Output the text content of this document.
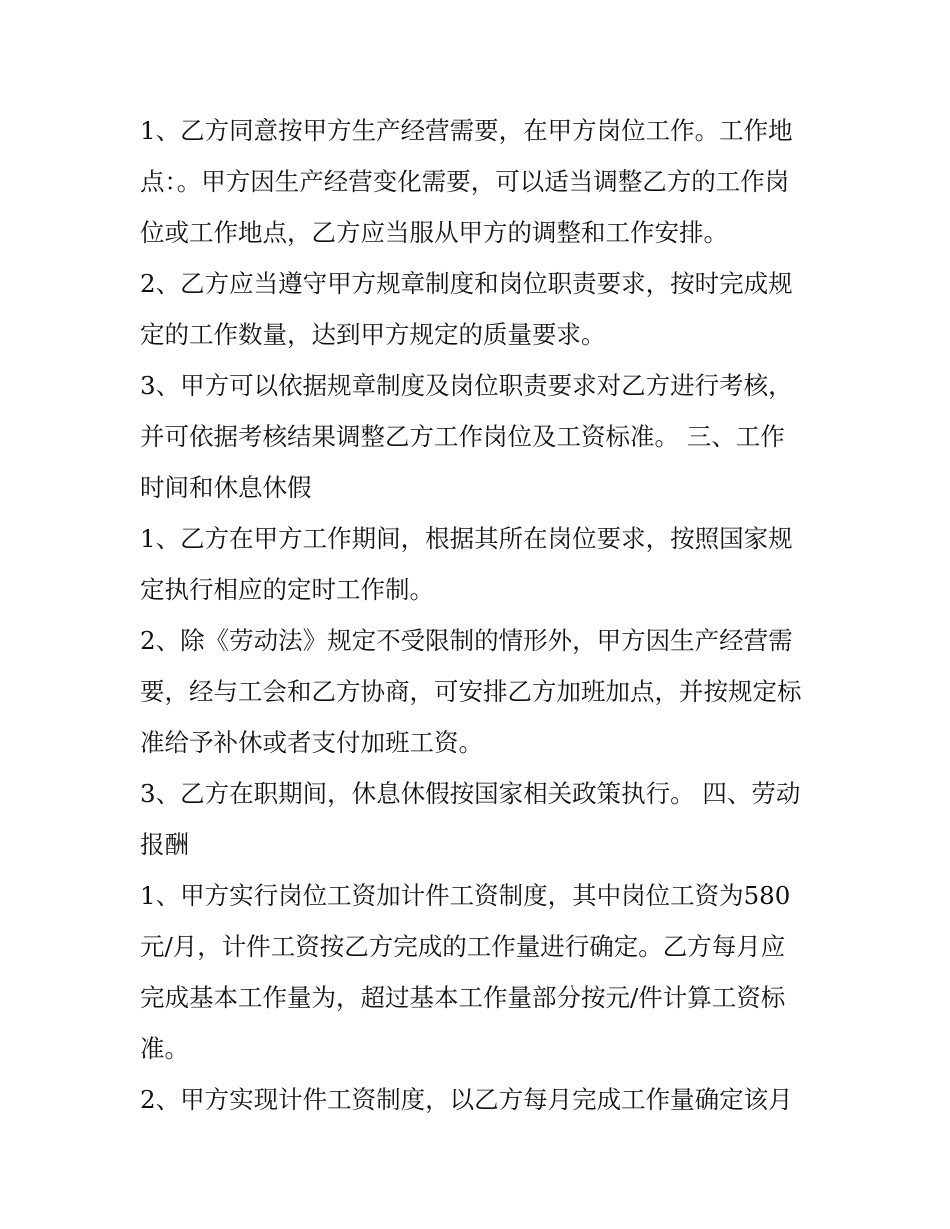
1、乙方同意按甲方生产经营需要，在甲方岗位工作。工作地
点：。甲方因生产经营变化需要，可以适当调整乙方的工作岗
位或工作地点，乙方应当服从甲方的调整和工作安排。
2、乙方应当遵守甲方规章制度和岗位职责要求，按时完成规
定的工作数量，达到甲方规定的质量要求。
3、甲方可以依据规章制度及岗位职责要求对乙方进行考核，
并可依据考核结果调整乙方工作岗位及工资标准。 三、工作
时间和休息休假
1、乙方在甲方工作期间，根据其所在岗位要求，按照国家规
定执行相应的定时工作制。
2、除《劳动法》规定不受限制的情形外，甲方因生产经营需
要，经与工会和乙方协商，可安排乙方加班加点，并按规定标
准给予补休或者支付加班工资。
3、乙方在职期间，休息休假按国家相关政策执行。 四、劳动
报酬
1、甲方实行岗位工资加计件工资制度，其中岗位工资为580
元/月，计件工资按乙方完成的工作量进行确定。乙方每月应
完成基本工作量为，超过基本工作量部分按元/件计算工资标
准。
2、甲方实现计件工资制度，以乙方每月完成工作量确定该月
